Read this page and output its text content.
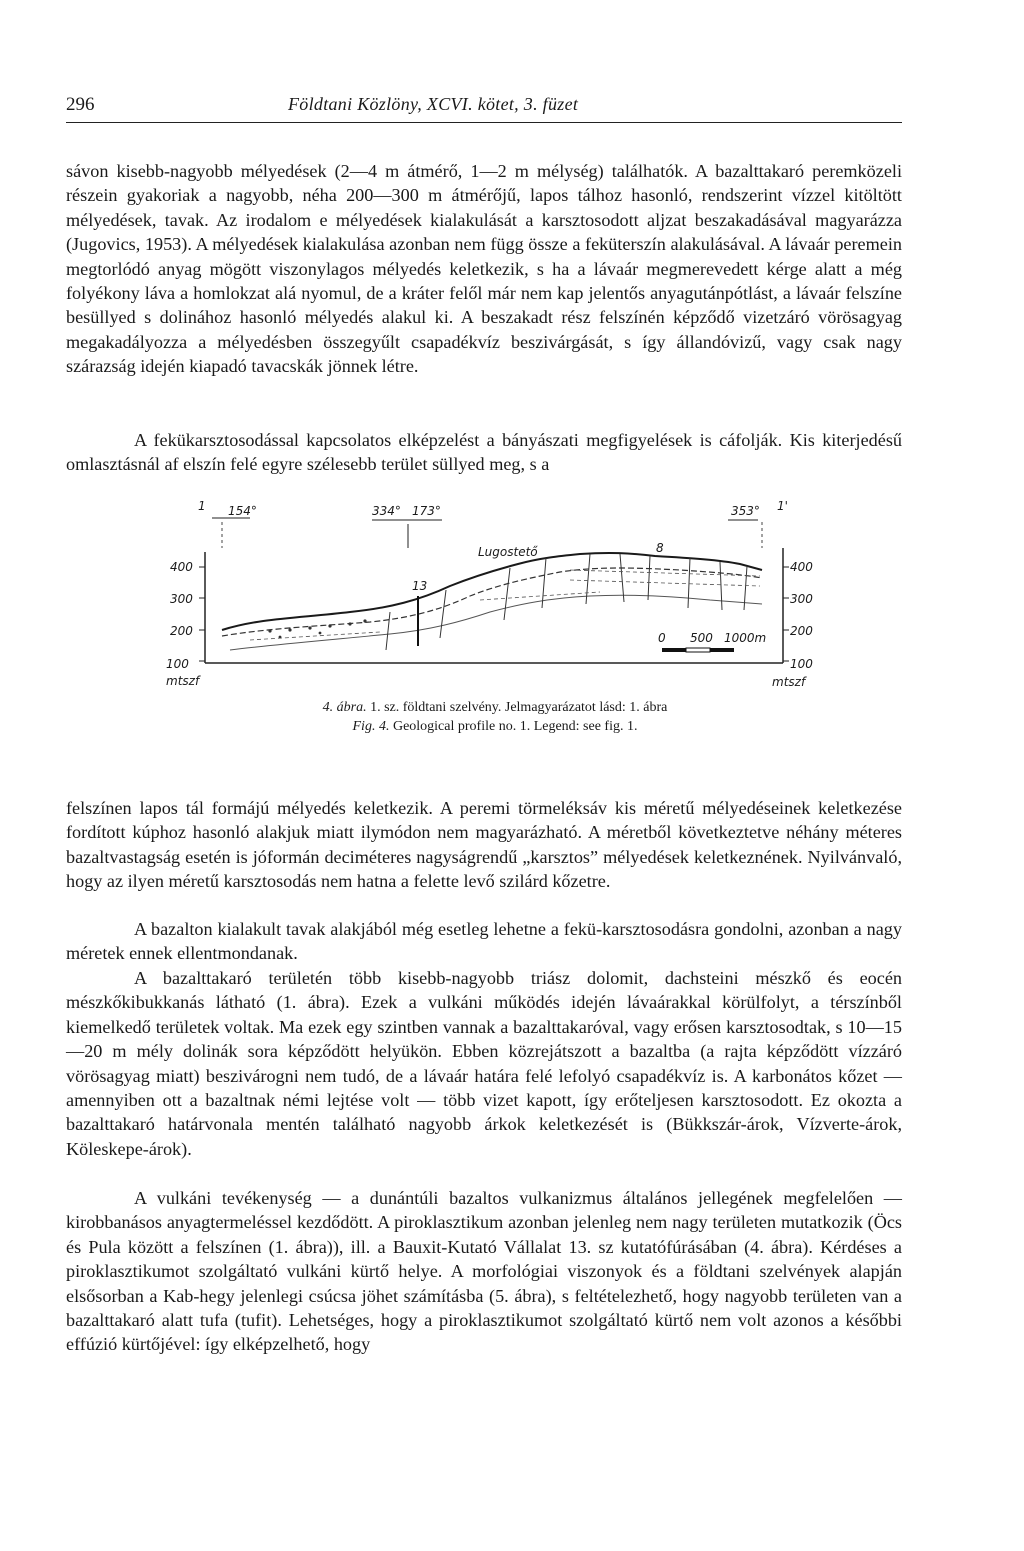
296	Földtani Közlöny, XCVI. kötet, 3. füzet

sávon kisebb-nagyobb mélyedések (2—4 m átmérő, 1—2 m mélység) találhatók. A bazalttakaró peremközeli részein gyakoriak a nagyobb, néha 200—300 m átmérőjű, lapos tálhoz hasonló, rendszerint vízzel kitöltött mélyedések, tavak. Az irodalom e mélyedések kialakulását a karsztosodott aljzat beszakadásával magyarázza (Jugovics, 1953). A mélyedések kialakulása azonban nem függ össze a feküterszín alakulásával. A lávaár peremein megtorlódó anyag mögött viszonylagos mélyedés keletkezik, s ha a lávaár megmerevedett kérge alatt a még folyékony láva a homlokzat alá nyomul, de a kráter felől már nem kap jelentős anyagutánpótlást, a lávaár felszíne besüllyed s dolinához hasonló mélyedés alakul ki. A beszakadt rész felszínén képződő vizetzáró vörösagyag megakadályozza a mélyedésben összegyűlt csapadékvíz beszivárgását, s így állandóvizű, vagy csak nagy szárazság idején kiapadó tavacskák jönnek létre.

A fekükarsztosodással kapcsolatos elképzelést a bányászati megfigyelések is cáfolják. Kis kiterjedésű omlasztásnál af elszín felé egyre szélesebb terület süllyed meg, s a

400
300
200
100
mtszf
400
300
200
100
mtszf
1 154°	334° 173°	353° 1'
13
Lugostető	8
0 500 1000m

4. ábra. 1. sz. földtani szelvény. Jelmagyarázatot lásd: 1. ábra

Fig. 4. Geological profile no. 1. Legend: see fig. 1.

felszínen lapos tál formájú mélyedés keletkezik. A peremi törmeléksáv kis méretű mélyedéseinek keletkezése fordított kúphoz hasonló alakjuk miatt ilymódon nem magyarázható. A méretből következtetve néhány méteres bazaltvastagság esetén is jóformán deciméteres nagyságrendű „karsztos” mélyedések keletkeznének. Nyilvánvaló, hogy az ilyen méretű karsztosodás nem hatna a felette levő szilárd kőzetre.

A bazalton kialakult tavak alakjából még esetleg lehetne a fekü-karsztosodásra gondolni, azonban a nagy méretek ennek ellentmondanak.

A bazalttakaró területén több kisebb-nagyobb triász dolomit, dachsteini mészkő és eocén mészkőkibukkanás látható (1. ábra). Ezek a vulkáni működés idején lávaárakkal körülfolyt, a térszínből kiemelkedő területek voltak. Ma ezek egy szintben vannak a bazalttakaróval, vagy erősen karsztosodtak, s 10—15—20 m mély dolinák sora képződött helyükön. Ebben közrejátszott a bazaltba (a rajta képződött vízzáró vörösagyag miatt) beszivárogni nem tudó, de a lávaár határa felé lefolyó csapadékvíz is. A karbonátos kőzet — amennyiben ott a bazaltnak némi lejtése volt — több vizet kapott, így erőteljesen karsztosodott. Ez okozta a bazalttakaró határvonala mentén található nagyobb árkok keletkezését is (Bükkszár-árok, Vízverte-árok, Köleskepe-árok).

A vulkáni tevékenység — a dunántúli bazaltos vulkanizmus általános jellegének megfelelően — kirobbanásos anyagtermeléssel kezdődött. A piroklasztikum azonban jelenleg nem nagy területen mutatkozik (Öcs és Pula között a felszínen (1. ábra)), ill. a Bauxit-Kutató Vállalat 13. sz kutatófúrásában (4. ábra). Kérdéses a piroklasztikumot szolgáltató vulkáni kürtő helye. A morfológiai viszonyok és a földtani szelvények alapján elsősorban a Kab-hegy jelenlegi csúcsa jöhet számításba (5. ábra), s feltételezhető, hogy nagyobb területen van a bazalttakaró alatt tufa (tufit). Lehetséges, hogy a piroklasztikumot szolgáltató kürtő nem volt azonos a későbbi effúzió kürtőjével: így elképzelhető, hogy
